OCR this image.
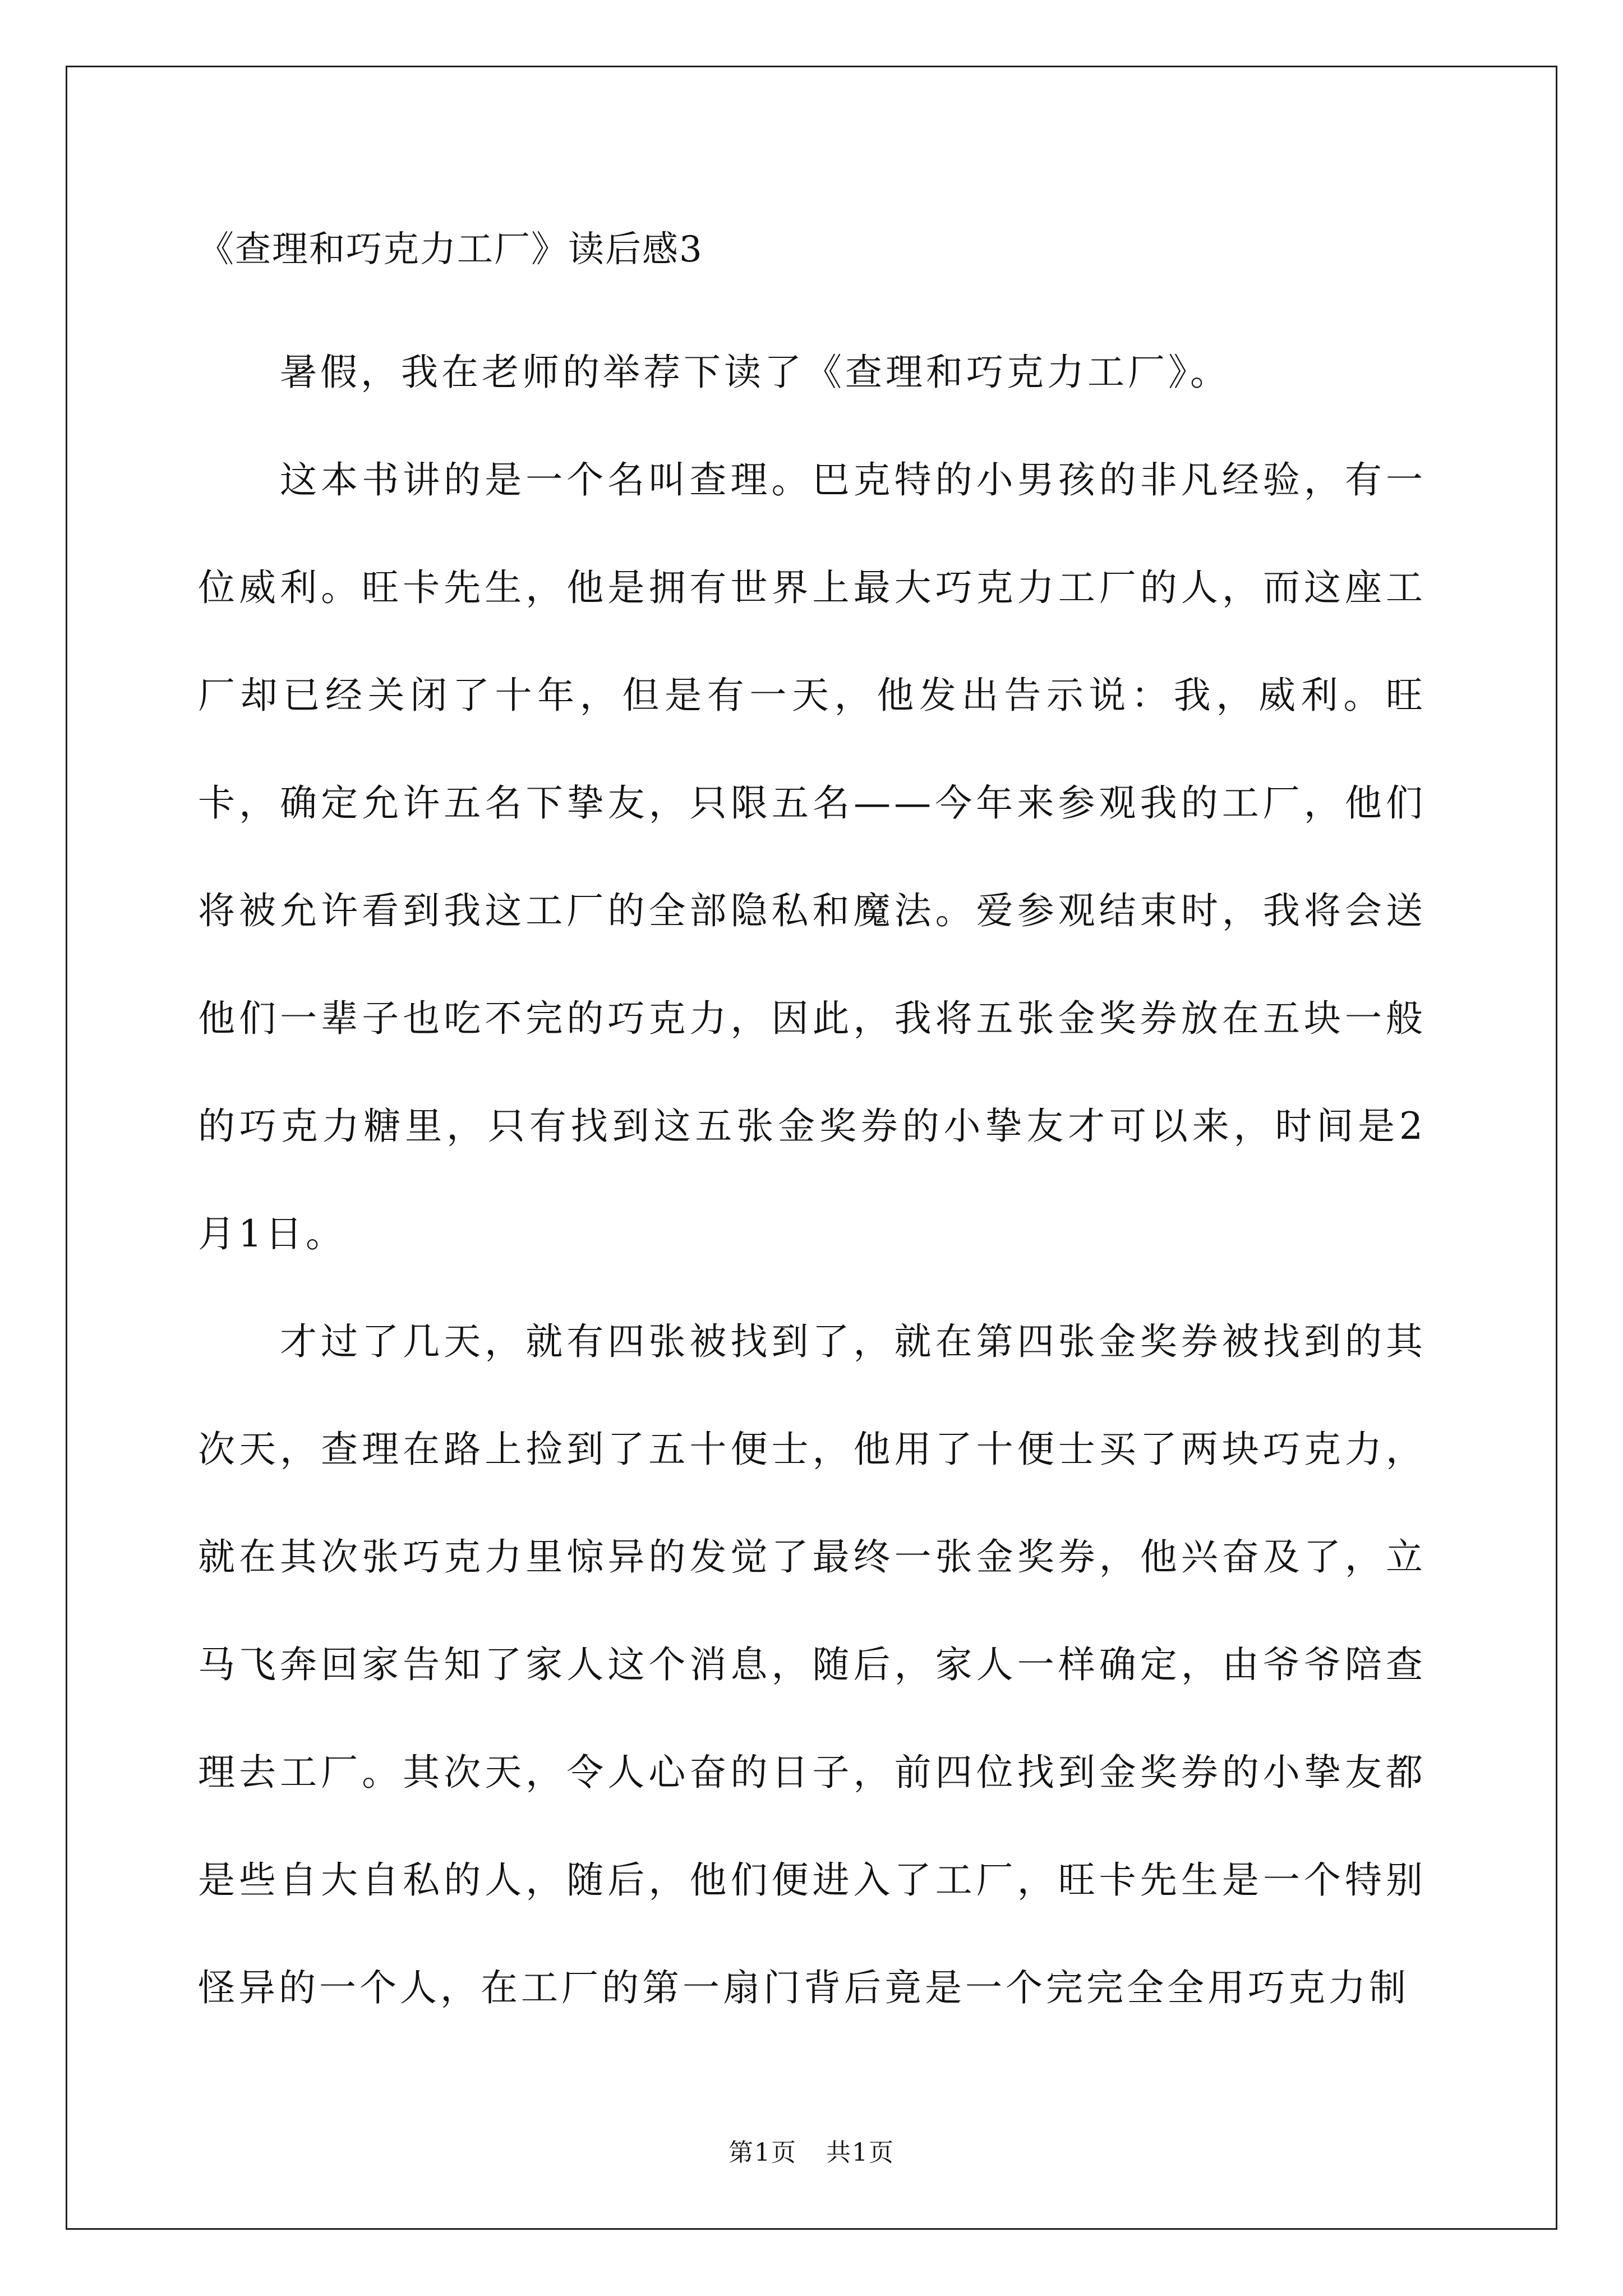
《查理和巧克力工厂》读后感3

暑假，我在老师的举荐下读了《查理和巧克力工厂》。

这本书讲的是一个名叫查理。巴克特的小男孩的非凡经验，有一位威利。旺卡先生，他是拥有世界上最大巧克力工厂的人，而这座工厂却已经关闭了十年，但是有一天，他发出告示说：我，威利。旺卡，确定允许五名下挚友，只限五名——今年来参观我的工厂，他们将被允许看到我这工厂的全部隐私和魔法。爱参观结束时，我将会送他们一辈子也吃不完的巧克力，因此，我将五张金奖券放在五块一般的巧克力糖里，只有找到这五张金奖券的小挚友才可以来，时间是2月1日。

才过了几天，就有四张被找到了，就在第四张金奖券被找到的其次天，查理在路上捡到了五十便士，他用了十便士买了两块巧克力，就在其次张巧克力里惊异的发觉了最终一张金奖券，他兴奋及了，立马飞奔回家告知了家人这个消息，随后，家人一样确定，由爷爷陪查理去工厂。其次天，令人心奋的日子，前四位找到金奖券的小挚友都是些自大自私的人，随后，他们便进入了工厂，旺卡先生是一个特别怪异的一个人，在工厂的第一扇门背后竟是一个完完全全用巧克力制

第1页 共1页
